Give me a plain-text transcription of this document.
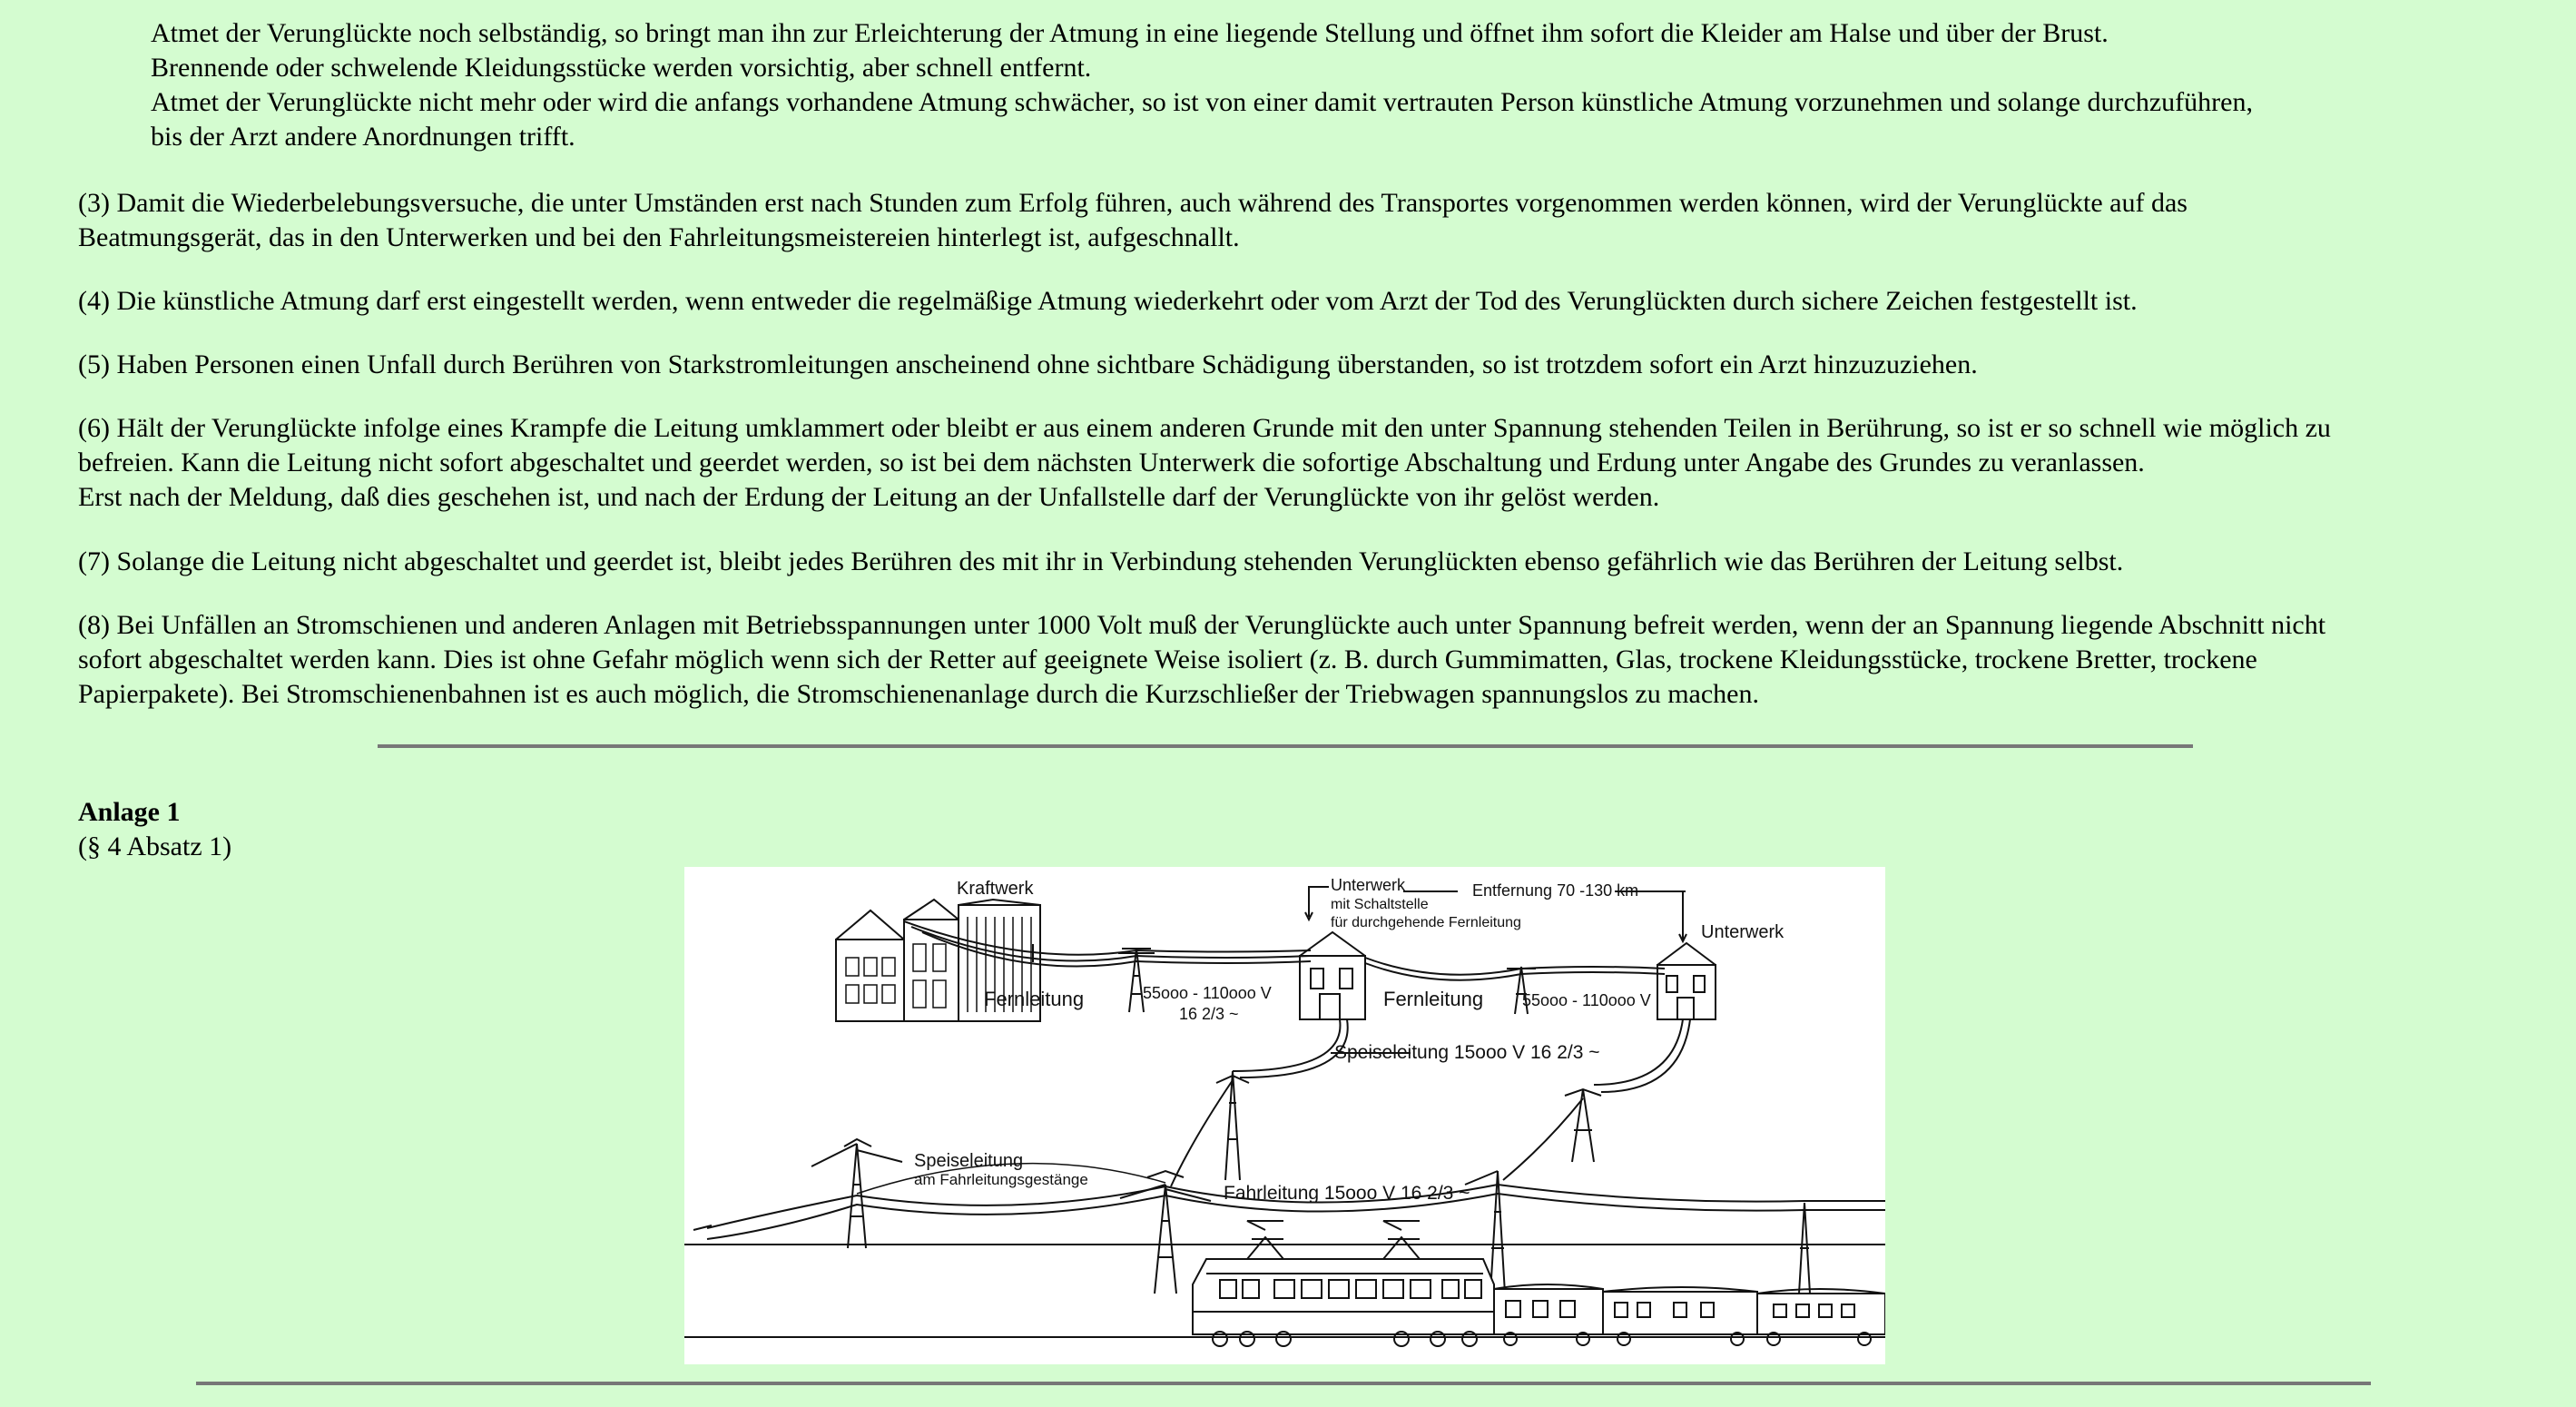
Atmet der Verunglückte noch selbständig, so bringt man ihn zur Erleichterung der Atmung in eine liegende Stellung und öffnet ihm sofort die Kleider am Halse und über der Brust.
Brennende oder schwelende Kleidungsstücke werden vorsichtig, aber schnell entfernt.
Atmet der Verunglückte nicht mehr oder wird die anfangs vorhandene Atmung schwächer, so ist von einer damit vertrauten Person künstliche Atmung vorzunehmen und solange durchzuführen,
bis der Arzt andere Anordnungen trifft.
(3) Damit die Wiederbelebungsversuche, die unter Umständen erst nach Stunden zum Erfolg führen, auch während des Transportes vorgenommen werden können, wird der Verunglückte auf das
Beatmungsgerät, das in den Unterwerken und bei den Fahrleitungsmeistereien hinterlegt ist, aufgeschnallt.
(4) Die künstliche Atmung darf erst eingestellt werden, wenn entweder die regelmäßige Atmung wiederkehrt oder vom Arzt der Tod des Verunglückten durch sichere Zeichen festgestellt ist.
(5) Haben Personen einen Unfall durch Berühren von Starkstromleitungen anscheinend ohne sichtbare Schädigung überstanden, so ist trotzdem sofort ein Arzt hinzuzuziehen.
(6) Hält der Verunglückte infolge eines Krampfe die Leitung umklammert oder bleibt er aus einem anderen Grunde mit den unter Spannung stehenden Teilen in Berührung, so ist er so schnell wie möglich zu
befreien. Kann die Leitung nicht sofort abgeschaltet und geerdet werden, so ist bei dem nächsten Unterwerk die sofortige Abschaltung und Erdung unter Angabe des Grundes zu veranlassen.
Erst nach der Meldung, daß dies geschehen ist, und nach der Erdung der Leitung an der Unfallstelle darf der Verunglückte von ihr gelöst werden.
(7) Solange die Leitung nicht abgeschaltet und geerdet ist, bleibt jedes Berühren des mit ihr in Verbindung stehenden Verunglückten ebenso gefährlich wie das Berühren der Leitung selbst.
(8) Bei Unfällen an Stromschienen und anderen Anlagen mit Betriebsspannungen unter 1000 Volt muß der Verunglückte auch unter Spannung befreit werden, wenn der an Spannung liegende Abschnitt nicht
sofort abgeschaltet werden kann. Dies ist ohne Gefahr möglich wenn sich der Retter auf geeignete Weise isoliert (z. B. durch Gummimatten, Glas, trockene Kleidungsstücke, trockene Bretter, trockene
Papierpakete). Bei Stromschienenbahnen ist es auch möglich, die Stromschienenanlage durch die Kurzschließer der Triebwagen spannungslos zu machen.
Anlage 1
(§ 4 Absatz 1)
Kraftwerk	Unterwerk
mit Schaltstelle
für durchgehende Fernleitung
Entfernung 70 -130 km
Unterwerk
Fernleitung	55ooo - 110ooo V
16 2/3 ~
Fernleitung 55ooo - 110ooo V
Speiseleitung 15ooo V 16 2/3 ~
Speiseleitung
am Fahrleitungsgestänge
Fahrleitung 15ooo V 16 2/3 ~
